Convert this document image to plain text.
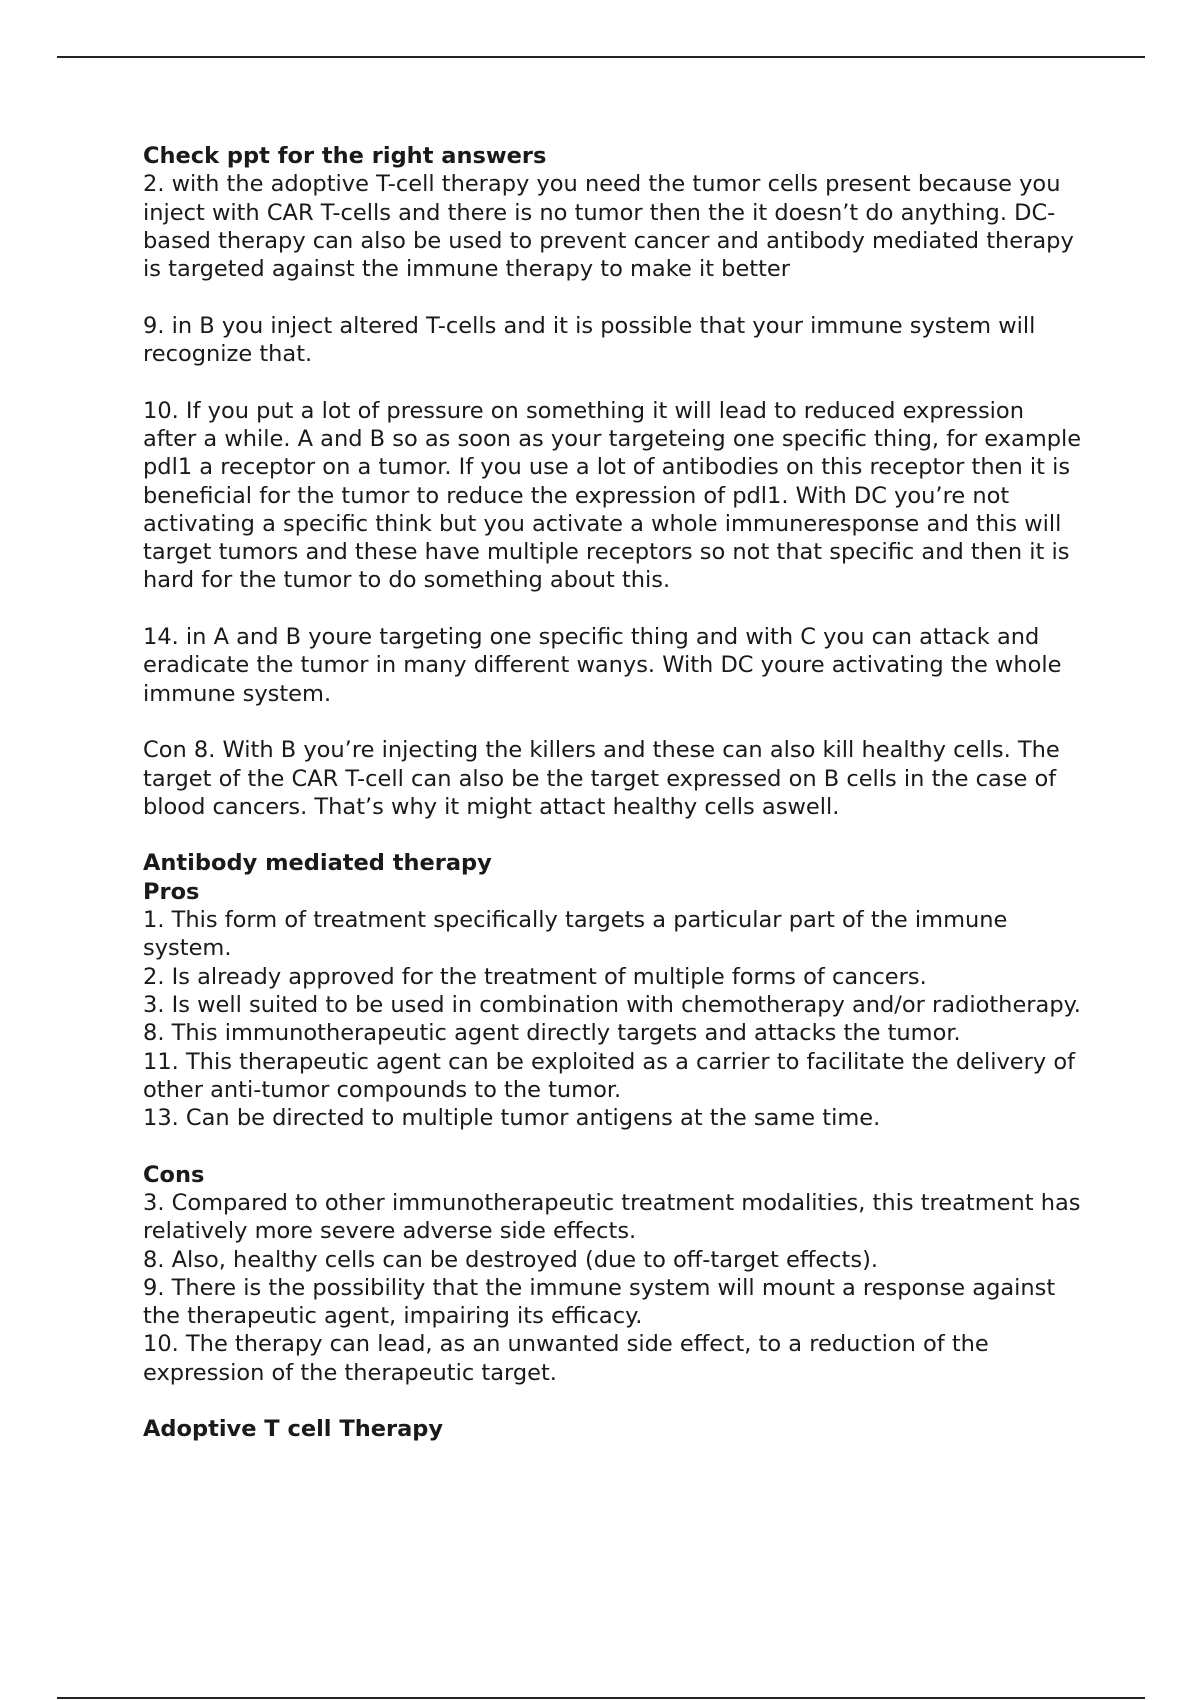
Check ppt for the right answers

2. with the adoptive T-cell therapy you need the tumor cells present because you inject with CAR T-cells and there is no tumor then the it doesn’t do anything. DC-based therapy can also be used to prevent cancer and antibody mediated therapy is targeted against the immune therapy to make it better

9. in B you inject altered T-cells and it is possible that your immune system will recognize that.

10. If you put a lot of pressure on something it will lead to reduced expression after a while. A and B so as soon as your targeteing one specific thing, for example pdl1 a receptor on a tumor. If you use a lot of antibodies on this receptor then it is beneficial for the tumor to reduce the expression of pdl1. With DC you’re not activating a specific think but you activate a whole immuneresponse and this will target tumors and these have multiple receptors so not that specific and then it is hard for the tumor to do something about this.

14. in A and B youre targeting one specific thing and with C you can attack and eradicate the tumor in many different wanys. With DC youre activating the whole immune system.

Con 8. With B you’re injecting the killers and these can also kill healthy cells. The target of the CAR T-cell can also be the target expressed on B cells in the case of blood cancers. That’s why it might attact healthy cells aswell.

Antibody mediated therapy

Pros

1. This form of treatment specifically targets a particular part of the immune system.

2. Is already approved for the treatment of multiple forms of cancers.

3. Is well suited to be used in combination with chemotherapy and/or radiotherapy.

8. This immunotherapeutic agent directly targets and attacks the tumor.

11. This therapeutic agent can be exploited as a carrier to facilitate the delivery of other anti-tumor compounds to the tumor.

13. Can be directed to multiple tumor antigens at the same time.

Cons

3. Compared to other immunotherapeutic treatment modalities, this treatment has relatively more severe adverse side effects.

8. Also, healthy cells can be destroyed (due to off-target effects).

9. There is the possibility that the immune system will mount a response against the therapeutic agent, impairing its efficacy.

10. The therapy can lead, as an unwanted side effect, to a reduction of the expression of the therapeutic target.

Adoptive T cell Therapy
